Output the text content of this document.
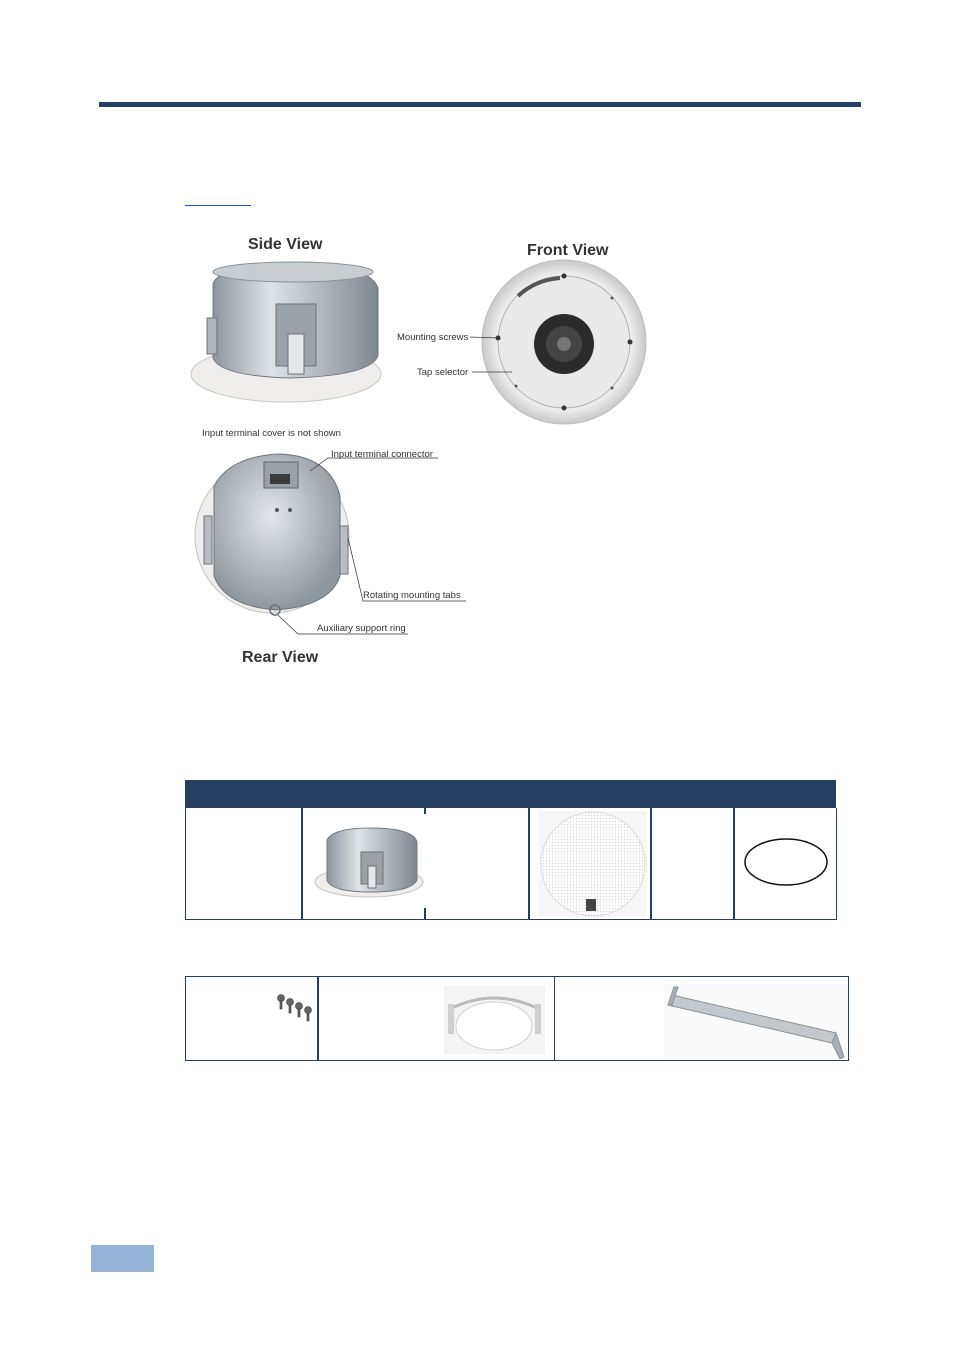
Side View	Front View
Mounting screws
Tap selector
Input terminal cover is not shown
Input terminal connector
Rotating mounting tabs
Auxiliary support ring
Rear View
